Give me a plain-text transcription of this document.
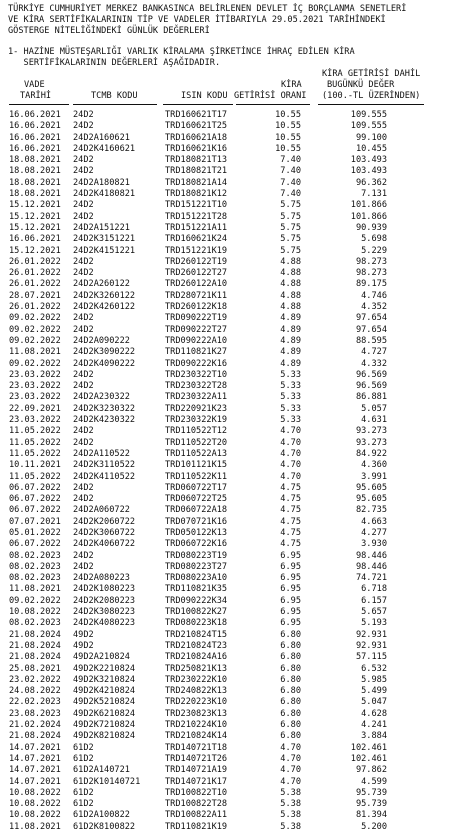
TÜRKİYE CUMHURİYET MERKEZ BANKASINCA BELİRLENEN DEVLET İÇ BORÇLANMA SENETLERİ
VE KİRA SERTİFİKALARININ TİP VE VADELER İTİBARIYLA 29.05.2021 TARİHİNDEKİ
GÖSTERGE NİTELİĞİNDEKİ GÜNLÜK DEĞERLERİ
1- HAZİNE MÜSTEŞARLIĞI VARLIK KİRALAMA ŞİRKETİNCE İHRAÇ EDİLEN KİRA
SERTİFİKALARININ DEĞERLERİ AŞAĞIDADIR.
VADE
TARİHİ	TCMB KODU	ISIN KODU
KİRA
GETİRİSİ ORANI
KİRA GETİRİSİ DAHİL
BUGÜNKÜ DEĞER
(100.-TL ÜZERİNDEN)
16.06.2021 24D2	TRD160621T17	10.55	109.555
16.06.2021 24D2	TRD160621T25	10.55	109.555
16.06.2021 24D2A160621	TRD160621A18	10.55	99.100
16.06.2021 24D2K4160621	TRD160621K16	10.55	10.455
18.08.2021 24D2	TRD180821T13	7.40	103.493
18.08.2021 24D2	TRD180821T21	7.40	103.493
18.08.2021 24D2A180821	TRD180821A14	7.40	96.362
18.08.2021 24D2K4180821	TRD180821K12	7.40	7.131
15.12.2021 24D2	TRD151221T10	5.75	101.866
15.12.2021 24D2	TRD151221T28	5.75	101.866
15.12.2021 24D2A151221	TRD151221A11	5.75	90.939
16.06.2021 24D2K3151221	TRD160621K24	5.75	5.698
15.12.2021 24D2K4151221	TRD151221K19	5.75	5.229
26.01.2022 24D2	TRD260122T19	4.88	98.273
26.01.2022 24D2	TRD260122T27	4.88	98.273
26.01.2022 24D2A260122	TRD260122A10	4.88	89.175
28.07.2021 24D2K3260122	TRD280721K11	4.88	4.746
26.01.2022 24D2K4260122	TRD260122K18	4.88	4.352
09.02.2022 24D2	TRD090222T19	4.89	97.654
09.02.2022 24D2	TRD090222T27	4.89	97.654
09.02.2022 24D2A090222	TRD090222A10	4.89	88.595
11.08.2021 24D2K3090222	TRD110821K27	4.89	4.727
09.02.2022 24D2K4090222	TRD090222K16	4.89	4.332
23.03.2022 24D2	TRD230322T10	5.33	96.569
23.03.2022 24D2	TRD230322T28	5.33	96.569
23.03.2022 24D2A230322	TRD230322A11	5.33	86.881
22.09.2021 24D2K3230322	TRD220921K23	5.33	5.057
23.03.2022 24D2K4230322	TRD230322K19	5.33	4.631
11.05.2022 24D2	TRD110522T12	4.70	93.273
11.05.2022 24D2	TRD110522T20	4.70	93.273
11.05.2022 24D2A110522	TRD110522A13	4.70	84.922
10.11.2021 24D2K3110522	TRD101121K15	4.70	4.360
11.05.2022 24D2K4110522	TRD110522K11	4.70	3.991
06.07.2022 24D2	TRD060722T17	4.75	95.605
06.07.2022 24D2	TRD060722T25	4.75	95.605
06.07.2022 24D2A060722	TRD060722A18	4.75	82.735
07.07.2021 24D2K2060722	TRD070721K16	4.75	4.663
05.01.2022 24D2K3060722	TRD050122K13	4.75	4.277
06.07.2022 24D2K4060722	TRD060722K16	4.75	3.930
08.02.2023 24D2	TRD080223T19	6.95	98.446
08.02.2023 24D2	TRD080223T27	6.95	98.446
08.02.2023 24D2A080223	TRD080223A10	6.95	74.721
11.08.2021 24D2K1080223	TRD110821K35	6.95	6.718
09.02.2022 24D2K2080223	TRD090222K34	6.95	6.157
10.08.2022 24D2K3080223	TRD100822K27	6.95	5.657
08.02.2023 24D2K4080223	TRD080223K18	6.95	5.193
21.08.2024 49D2	TRD210824T15	6.80	92.931
21.08.2024 49D2	TRD210824T23	6.80	92.931
21.08.2024 49D2A210824	TRD210824A16	6.80	57.115
25.08.2021 49D2K2210824	TRD250821K13	6.80	6.532
23.02.2022 49D2K3210824	TRD230222K10	6.80	5.985
24.08.2022 49D2K4210824	TRD240822K13	6.80	5.499
22.02.2023 49D2K5210824	TRD220223K10	6.80	5.047
23.08.2023 49D2K6210824	TRD230823K13	6.80	4.628
21.02.2024 49D2K7210824	TRD210224K10	6.80	4.241
21.08.2024 49D2K8210824	TRD210824K14	6.80	3.884
14.07.2021 61D2	TRD140721T18	4.70	102.461
14.07.2021 61D2	TRD140721T26	4.70	102.461
14.07.2021 61D2A140721	TRD140721A19	4.70	97.862
14.07.2021 61D2K10140721	TRD140721K17	4.70	4.599
10.08.2022 61D2	TRD100822T10	5.38	95.739
10.08.2022 61D2	TRD100822T28	5.38	95.739
10.08.2022 61D2A100822	TRD100822A11	5.38	81.394
11.08.2021 61D2K8100822	TRD110821K19	5.38	5.200
